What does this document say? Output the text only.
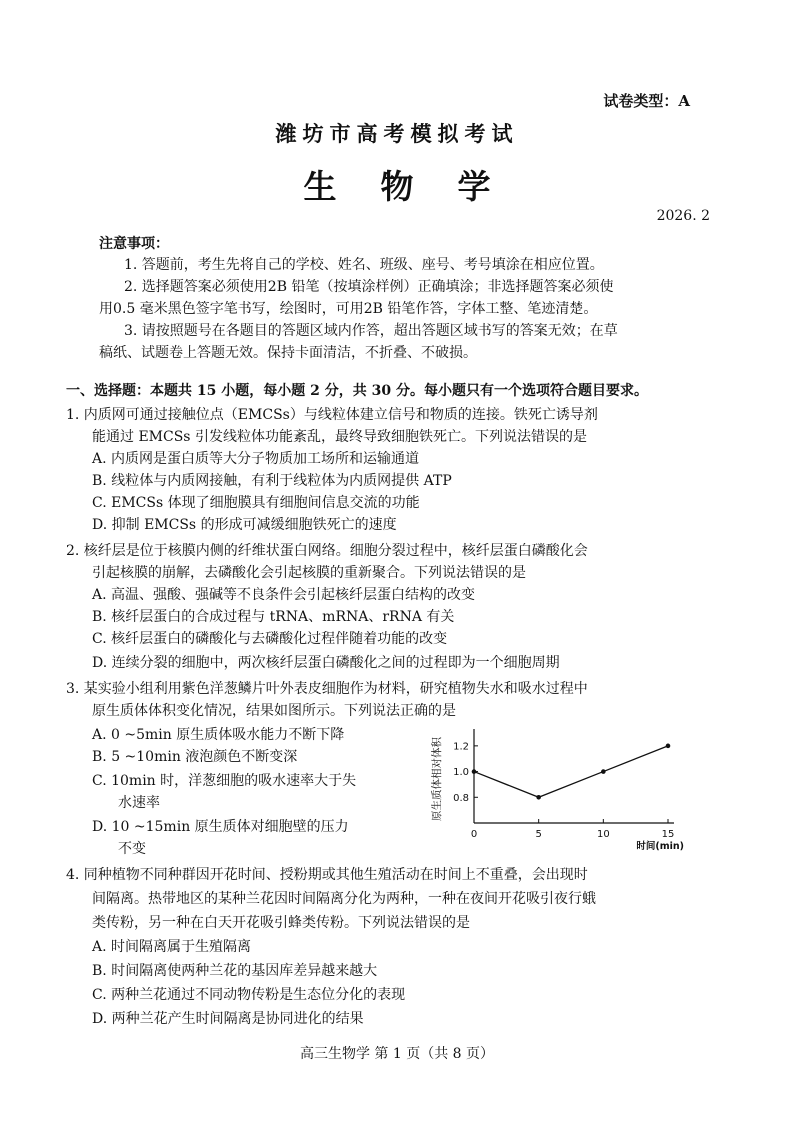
试卷类型：A
潍坊市高考模拟考试
生物学
2026. 2
注意事项：
1. 答题前，考生先将自己的学校、姓名、班级、座号、考号填涂在相应位置。
2. 选择题答案必须使用2B 铅笔（按填涂样例）正确填涂；非选择题答案必须使
用0.5 毫米黑色签字笔书写，绘图时，可用2B 铅笔作答，字体工整、笔迹清楚。
3. 请按照题号在各题目的答题区域内作答，超出答题区域书写的答案无效；在草
稿纸、试题卷上答题无效。保持卡面清洁，不折叠、不破损。
一、选择题：本题共 15 小题，每小题 2 分，共 30 分。每小题只有一个选项符合题目要求。
1. 内质网可通过接触位点（EMCSs）与线粒体建立信号和物质的连接。铁死亡诱导剂
能通过 EMCSs 引发线粒体功能紊乱，最终导致细胞铁死亡。下列说法错误的是
A. 内质网是蛋白质等大分子物质加工场所和运输通道
B. 线粒体与内质网接触，有利于线粒体为内质网提供 ATP
C. EMCSs 体现了细胞膜具有细胞间信息交流的功能
D. 抑制 EMCSs 的形成可减缓细胞铁死亡的速度
2. 核纤层是位于核膜内侧的纤维状蛋白网络。细胞分裂过程中，核纤层蛋白磷酸化会
引起核膜的崩解，去磷酸化会引起核膜的重新聚合。下列说法错误的是
A. 高温、强酸、强碱等不良条件会引起核纤层蛋白结构的改变
B. 核纤层蛋白的合成过程与 tRNA、mRNA、rRNA 有关
C. 核纤层蛋白的磷酸化与去磷酸化过程伴随着功能的改变
D. 连续分裂的细胞中，两次核纤层蛋白磷酸化之间的过程即为一个细胞周期
3. 某实验小组利用紫色洋葱鳞片叶外表皮细胞作为材料，研究植物失水和吸水过程中
原生质体体积变化情况，结果如图所示。下列说法正确的是
A. 0 ~5min 原生质体吸水能力不断下降
B. 5 ~10min 液泡颜色不断变深
C. 10min 时，洋葱细胞的吸水速率大于失
水速率
D. 10 ~15min 原生质体对细胞壁的压力
不变
0.8
1.0
1.2
0	5	10	15
原生质体相对体积
时间(min)
4. 同种植物不同种群因开花时间、授粉期或其他生殖活动在时间上不重叠，会出现时
间隔离。热带地区的某种兰花因时间隔离分化为两种，一种在夜间开花吸引夜行蛾
类传粉，另一种在白天开花吸引蜂类传粉。下列说法错误的是
A. 时间隔离属于生殖隔离
B. 时间隔离使两种兰花的基因库差异越来越大
C. 两种兰花通过不同动物传粉是生态位分化的表现
D. 两种兰花产生时间隔离是协同进化的结果
高三生物学 第 1 页（共 8 页）
